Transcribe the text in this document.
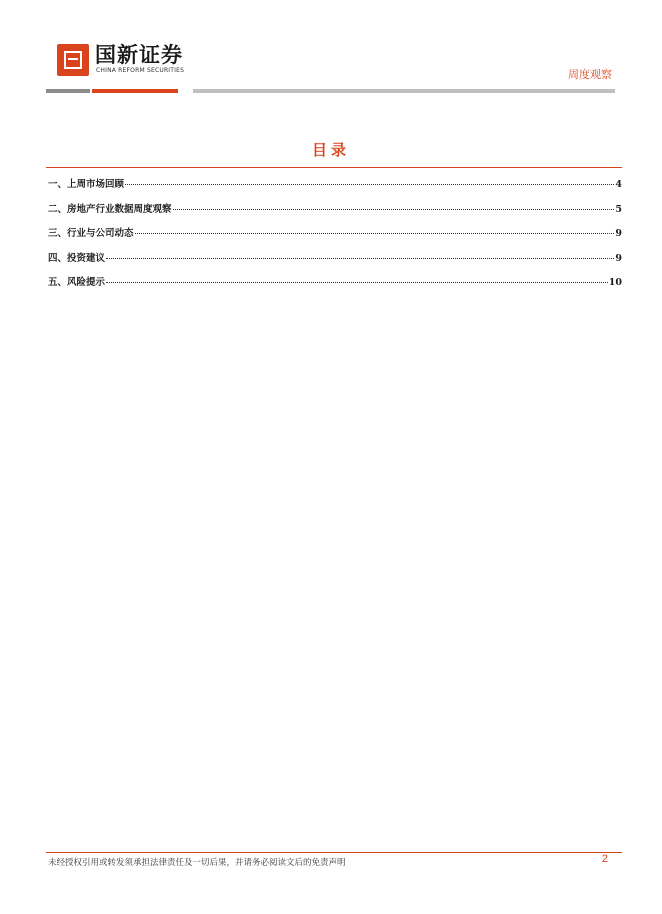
国新证券
CHINA REFORM SECURITIES	周度观察
目录
一、上周市场回顾	4
二、房地产行业数据周度观察	5
三、行业与公司动态	9
四、投资建议	9
五、风险提示	10
未经授权引用或转发须承担法律责任及一切后果，并请务必阅读文后的免责声明	2
